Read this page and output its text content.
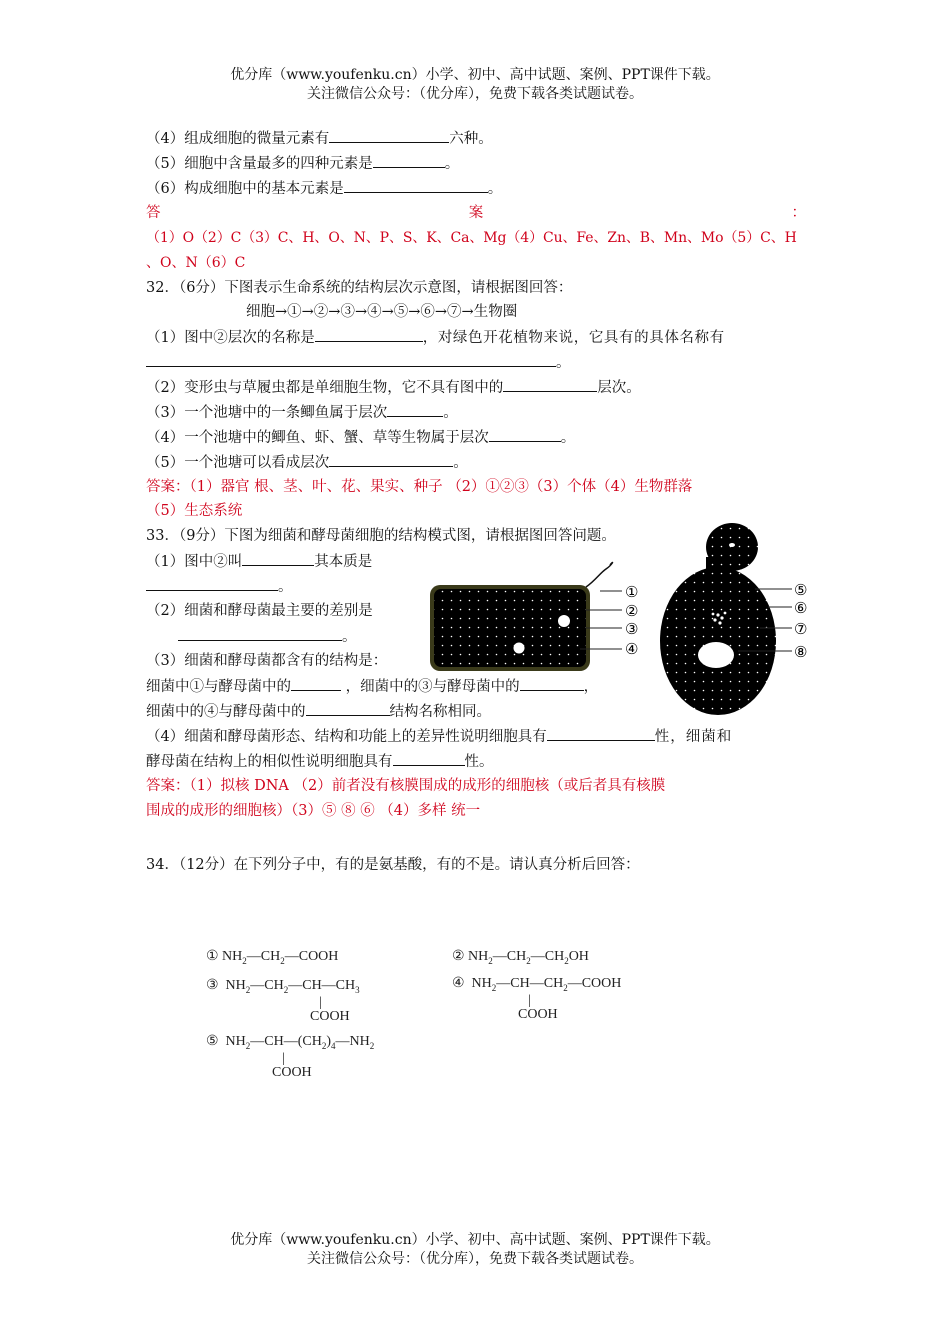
优分库（www.youfenku.cn）小学、初中、高中试题、案例、PPT课件下载。
关注微信公众号：（优分库），免费下载各类试题试卷。
（4）组成细胞的微量元素有	六种。
（5）细胞中含量最多的四种元素是	。
（6）构成细胞中的基本元素是	。
答	案	：
（1）O（2）C（3）C、H、O、N、P、S、K、Ca、Mg（4）Cu、Fe、Zn、B、Mn、Mo（5）C、H
、O、N（6）C
32．（6分）下图表示生命系统的结构层次示意图，请根据图回答：
细胞→①→②→③→④→⑤→⑥→⑦→生物圈
（1）图中②层次的名称是	，对绿色开花植物来说，它具有的具体名称有
。
（2）变形虫与草履虫都是单细胞生物，它不具有图中的	层次。
（3）一个池塘中的一条鲫鱼属于层次	。
（4）一个池塘中的鲫鱼、虾、蟹、草等生物属于层次	。
（5）一个池塘可以看成层次	。
答案：（1）器官 根、茎、叶、花、果实、种子 （2）①②③（3）个体（4）生物群落
（5）生态系统
33．（9分）下图为细菌和酵母菌细胞的结构模式图，请根据图回答问题。
（1）图中②叫	其本质是
。
（2）细菌和酵母菌最主要的差别是
。
（3）细菌和酵母菌都含有的结构是：
细菌中①与酵母菌中的	，细菌中的③与酵母菌中的	，
细菌中的④与酵母菌中的	结构名称相同。
（4）细菌和酵母菌形态、结构和功能上的差异性说明细胞具有	性，细菌和
酵母菌在结构上的相似性说明细胞具有	性。
答案：（1）拟核 DNA （2）前者没有核膜围成的成形的细胞核（或后者具有核膜
围成的成形的细胞核）（3）⑤ ⑧ ⑥ （4）多样 统一
①
②
③
④
⑤
⑥
⑦
⑧
34．（12分）在下列分子中，有的是氨基酸，有的不是。请认真分析后回答：
① $NH_2—CH_2—COOH$	② $NH_2—CH_2—CH_2OH$
③  $NH_2—CH_2—CH—CH_3$
|
COOH
④  $NH_2—CH—CH_2—COOH$
|
COOH
⑤  $NH_2—CH—(CH_2)_4—NH_2$
|
COOH
优分库（www.youfenku.cn）小学、初中、高中试题、案例、PPT课件下载。
关注微信公众号：（优分库），免费下载各类试题试卷。
